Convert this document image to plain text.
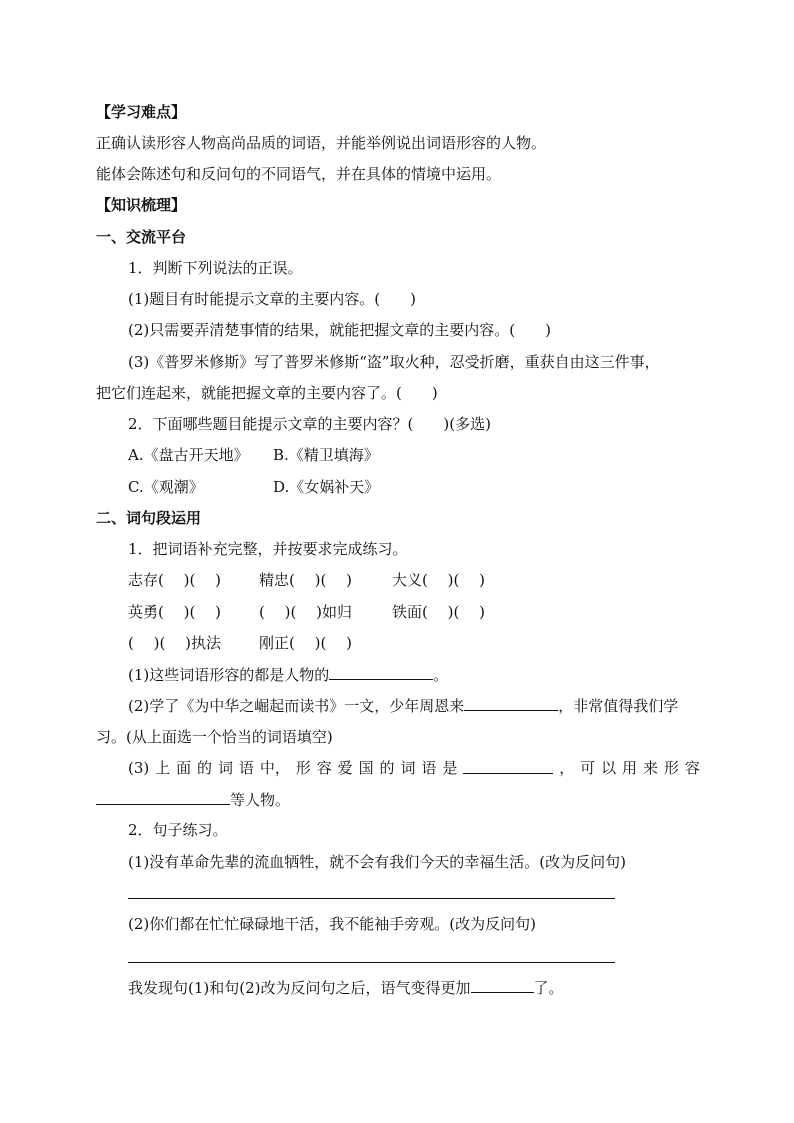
【学习难点】
正确认读形容人物高尚品质的词语，并能举例说出词语形容的人物。
能体会陈述句和反问句的不同语气，并在具体的情境中运用。
【知识梳理】
一、交流平台
1．判断下列说法的正误。
(1)题目有时能提示文章的主要内容。(　　)
(2)只需要弄清楚事情的结果，就能把握文章的主要内容。(　　)
(3)《普罗米修斯》写了普罗米修斯“盗”取火种，忍受折磨，重获自由这三件事，
把它们连起来，就能把握文章的主要内容了。(　　)
2．下面哪些题目能提示文章的主要内容？(　　)(多选)
A.《盘古开天地》 B.《精卫填海》
C.《观潮》	D.《女娲补天》
二、词句段运用
1．把词语补充完整，并按要求完成练习。
志存(　 )(　 )	精忠(　 )(　 )	大义(　 )(　 )
英勇(　 )(　 )	(　 )(　 )如归	铁面(　 )(　 )
(　 )(　 )执法	刚正(　 )(　 )
(1)这些词语形容的都是人物的	。
(2)学了《为中华之崛起而读书》一文，少年周恩来	，非常值得我们学
习。(从上面选一个恰当的词语填空)
(3) 上 面 的 词 语 中， 形 容 爱 国 的 词 语 是	， 可 以 用 来 形 容
等人物。
2．句子练习。
(1)没有革命先辈的流血牺牲，就不会有我们今天的幸福生活。(改为反问句)
(2)你们都在忙忙碌碌地干活，我不能袖手旁观。(改为反问句)
我发现句(1)和句(2)改为反问句之后，语气变得更加	了。
